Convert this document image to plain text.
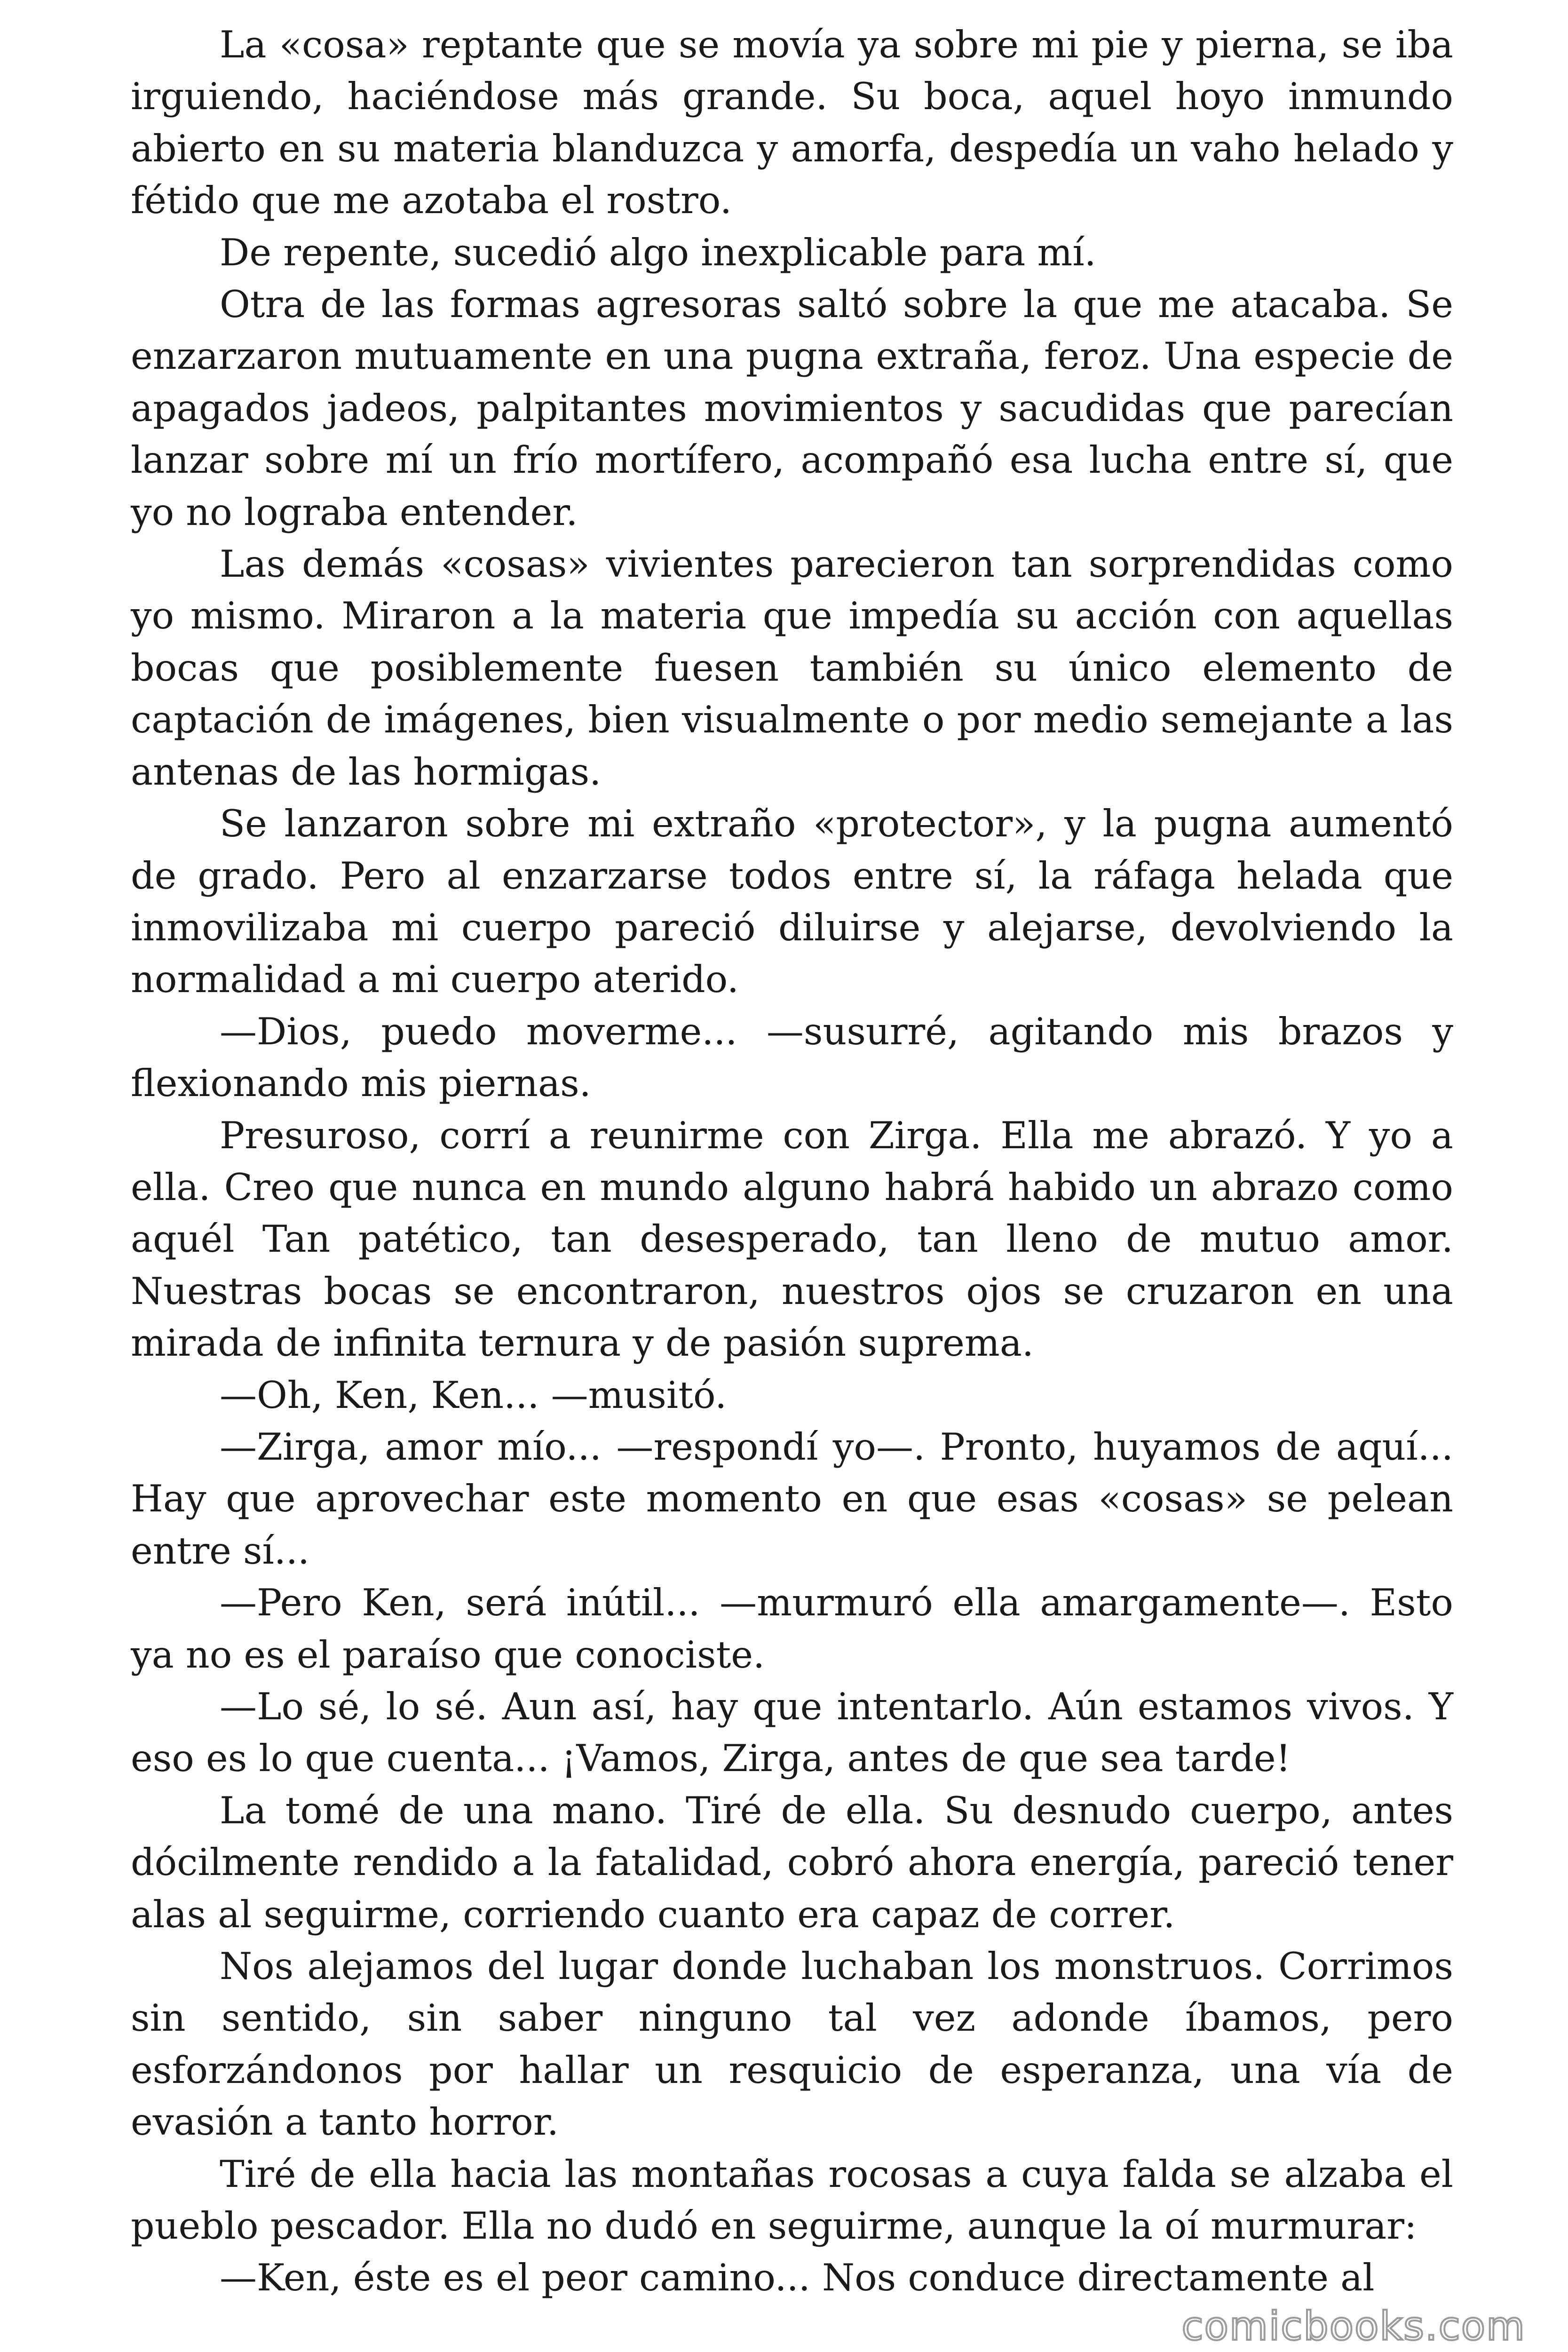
La «cosa» reptante que se movía ya sobre mi pie y pierna, se iba irguiendo, haciéndose más grande. Su boca, aquel hoyo inmundo abierto en su materia blanduzca y amorfa, despedía un vaho helado y fétido que me azotaba el rostro.

De repente, sucedió algo inexplicable para mí.

Otra de las formas agresoras saltó sobre la que me atacaba. Se enzarzaron mutuamente en una pugna extraña, feroz. Una especie de apagados jadeos, palpitantes movimientos y sacudidas que parecían lanzar sobre mí un frío mortífero, acompañó esa lucha entre sí, que yo no lograba entender.

Las demás «cosas» vivientes parecieron tan sorprendidas como yo mismo. Miraron a la materia que impedía su acción con aquellas bocas que posiblemente fuesen también su único elemento de captación de imágenes, bien visualmente o por medio semejante a las antenas de las hormigas.

Se lanzaron sobre mi extraño «protector», y la pugna aumentó de grado. Pero al enzarzarse todos entre sí, la ráfaga helada que inmovilizaba mi cuerpo pareció diluirse y alejarse, devolviendo la normalidad a mi cuerpo aterido.

—Dios, puedo moverme... —susurré, agitando mis brazos y flexionando mis piernas.

Presuroso, corrí a reunirme con Zirga. Ella me abrazó. Y yo a ella. Creo que nunca en mundo alguno habrá habido un abrazo como aquél Tan patético, tan desesperado, tan lleno de mutuo amor. Nuestras bocas se encontraron, nuestros ojos se cruzaron en una mirada de infinita ternura y de pasión suprema.

—Oh, Ken, Ken... —musitó.

—Zirga, amor mío... —respondí yo—. Pronto, huyamos de aquí... Hay que aprovechar este momento en que esas «cosas» se pelean entre sí...

—Pero Ken, será inútil... —murmuró ella amargamente—. Esto ya no es el paraíso que conociste.

—Lo sé, lo sé. Aun así, hay que intentarlo. Aún estamos vivos. Y eso es lo que cuenta... ¡Vamos, Zirga, antes de que sea tarde!

La tomé de una mano. Tiré de ella. Su desnudo cuerpo, antes dócilmente rendido a la fatalidad, cobró ahora energía, pareció tener alas al seguirme, corriendo cuanto era capaz de correr.

Nos alejamos del lugar donde luchaban los monstruos. Corrimos sin sentido, sin saber ninguno tal vez adonde íbamos, pero esforzándonos por hallar un resquicio de esperanza, una vía de evasión a tanto horror.

Tiré de ella hacia las montañas rocosas a cuya falda se alzaba el pueblo pescador. Ella no dudó en seguirme, aunque la oí murmurar:

—Ken, éste es el peor camino... Nos conduce directamente al

comicbooks.com
